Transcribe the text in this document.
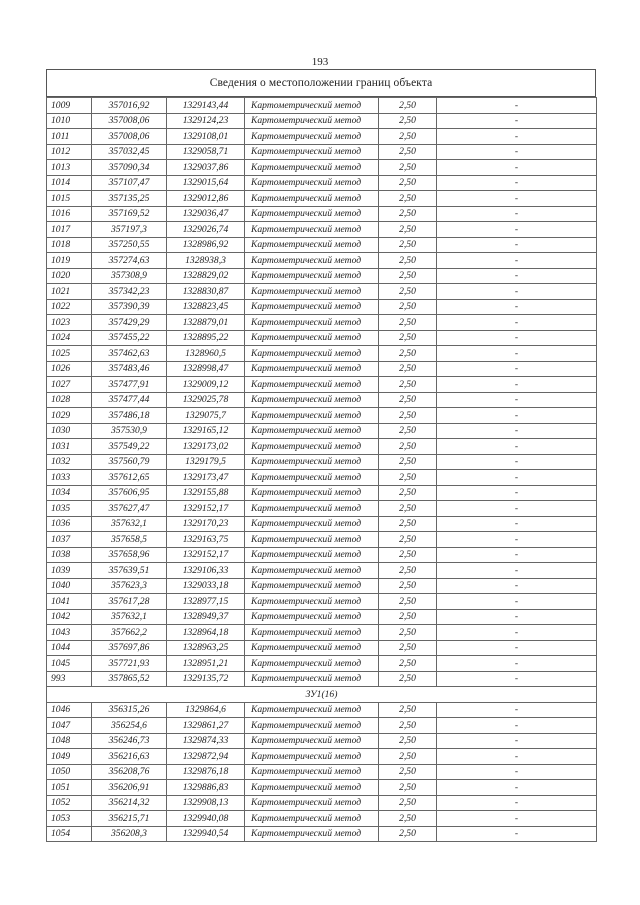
193
Сведения о местоположении границ объекта
1009	357016,92	1329143,44	Картометрический метод	2,50	-
1010	357008,06	1329124,23	Картометрический метод	2,50	-
1011	357008,06	1329108,01	Картометрический метод	2,50	-
1012	357032,45	1329058,71	Картометрический метод	2,50	-
1013	357090,34	1329037,86	Картометрический метод	2,50	-
1014	357107,47	1329015,64	Картометрический метод	2,50	-
1015	357135,25	1329012,86	Картометрический метод	2,50	-
1016	357169,52	1329036,47	Картометрический метод	2,50	-
1017	357197,3	1329026,74	Картометрический метод	2,50	-
1018	357250,55	1328986,92	Картометрический метод	2,50	-
1019	357274,63	1328938,3	Картометрический метод	2,50	-
1020	357308,9	1328829,02	Картометрический метод	2,50	-
1021	357342,23	1328830,87	Картометрический метод	2,50	-
1022	357390,39	1328823,45	Картометрический метод	2,50	-
1023	357429,29	1328879,01	Картометрический метод	2,50	-
1024	357455,22	1328895,22	Картометрический метод	2,50	-
1025	357462,63	1328960,5	Картометрический метод	2,50	-
1026	357483,46	1328998,47	Картометрический метод	2,50	-
1027	357477,91	1329009,12	Картометрический метод	2,50	-
1028	357477,44	1329025,78	Картометрический метод	2,50	-
1029	357486,18	1329075,7	Картометрический метод	2,50	-
1030	357530,9	1329165,12	Картометрический метод	2,50	-
1031	357549,22	1329173,02	Картометрический метод	2,50	-
1032	357560,79	1329179,5	Картометрический метод	2,50	-
1033	357612,65	1329173,47	Картометрический метод	2,50	-
1034	357606,95	1329155,88	Картометрический метод	2,50	-
1035	357627,47	1329152,17	Картометрический метод	2,50	-
1036	357632,1	1329170,23	Картометрический метод	2,50	-
1037	357658,5	1329163,75	Картометрический метод	2,50	-
1038	357658,96	1329152,17	Картометрический метод	2,50	-
1039	357639,51	1329106,33	Картометрический метод	2,50	-
1040	357623,3	1329033,18	Картометрический метод	2,50	-
1041	357617,28	1328977,15	Картометрический метод	2,50	-
1042	357632,1	1328949,37	Картометрический метод	2,50	-
1043	357662,2	1328964,18	Картометрический метод	2,50	-
1044	357697,86	1328963,25	Картометрический метод	2,50	-
1045	357721,93	1328951,21	Картометрический метод	2,50	-
993	357865,52	1329135,72	Картометрический метод	2,50	-
ЗУ1(16)					
1046	356315,26	1329864,6	Картометрический метод	2,50	-
1047	356254,6	1329861,27	Картометрический метод	2,50	-
1048	356246,73	1329874,33	Картометрический метод	2,50	-
1049	356216,63	1329872,94	Картометрический метод	2,50	-
1050	356208,76	1329876,18	Картометрический метод	2,50	-
1051	356206,91	1329886,83	Картометрический метод	2,50	-
1052	356214,32	1329908,13	Картометрический метод	2,50	-
1053	356215,71	1329940,08	Картометрический метод	2,50	-
1054	356208,3	1329940,54	Картометрический метод	2,50	-
